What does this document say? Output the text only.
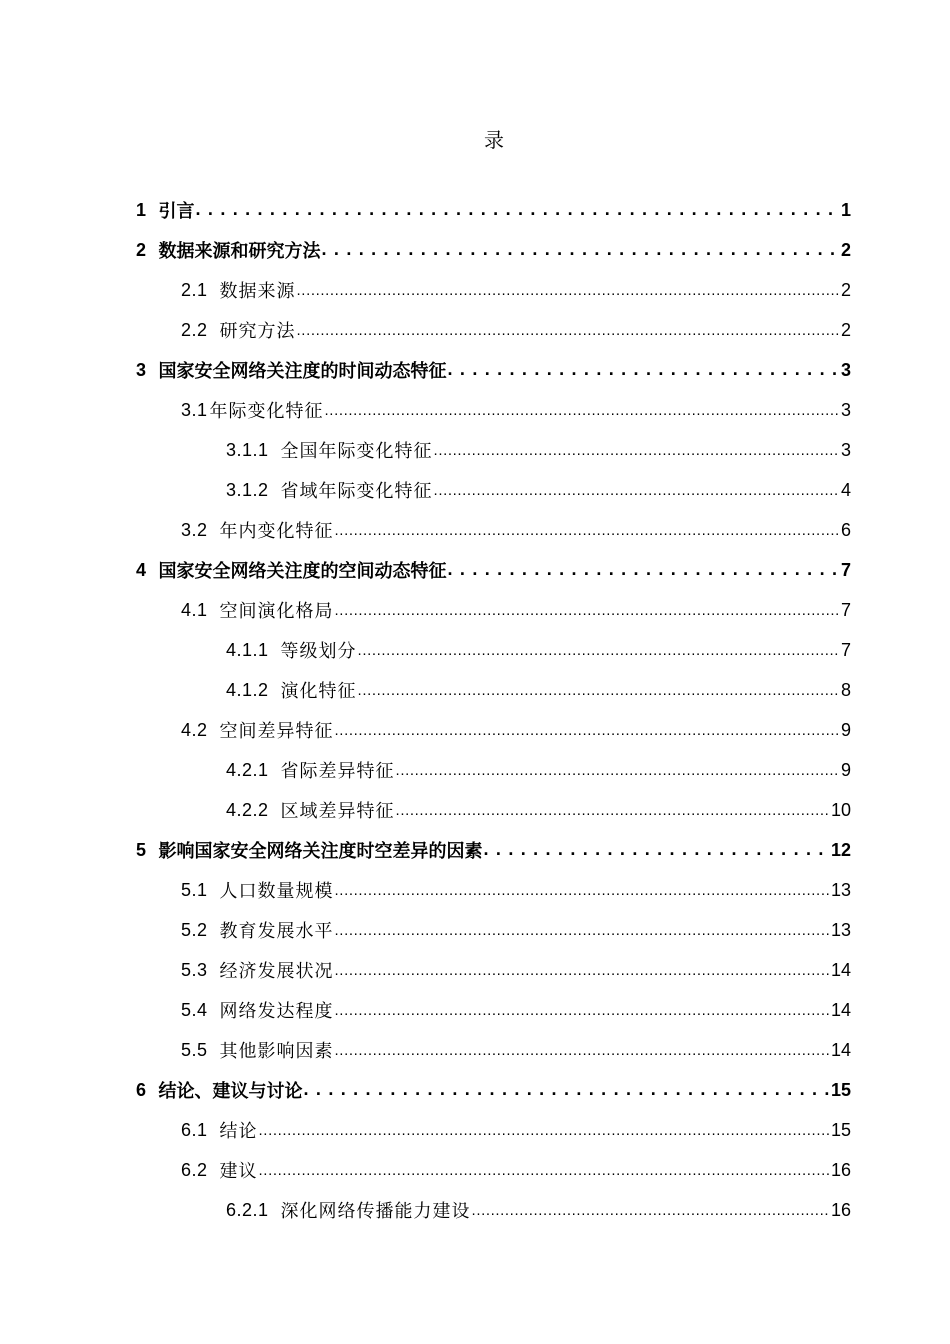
录
1 引言 . . .	1
2 数据来源和研究方法 . . .	2
2.1 数据来源 .....	2
2.2 研究方法 .....	2
3 国家安全网络关注度的时间动态特征 . . .	3
3.1 年际变化特征 .....	3
3.1.1 全国年际变化特征 .....	3
3.1.2 省域年际变化特征 .....	4
3.2 年内变化特征 .....	6
4 国家安全网络关注度的空间动态特征 . . .	7
4.1 空间演化格局 .....	7
4.1.1 等级划分 .....	7
4.1.2 演化特征 .....	8
4.2 空间差异特征 .....	9
4.2.1 省际差异特征 .....	9
4.2.2 区域差异特征 .....	10
5 影响国家安全网络关注度时空差异的因素 . . .	12
5.1 人口数量规模 .....	13
5.2 教育发展水平 .....	13
5.3 经济发展状况 .....	14
5.4 网络发达程度 .....	14
5.5 其他影响因素 .....	14
6 结论、建议与讨论 . . .	15
6.1 结论 .....	15
6.2 建议 .....	16
6.2.1 深化网络传播能力建设 .....	16
